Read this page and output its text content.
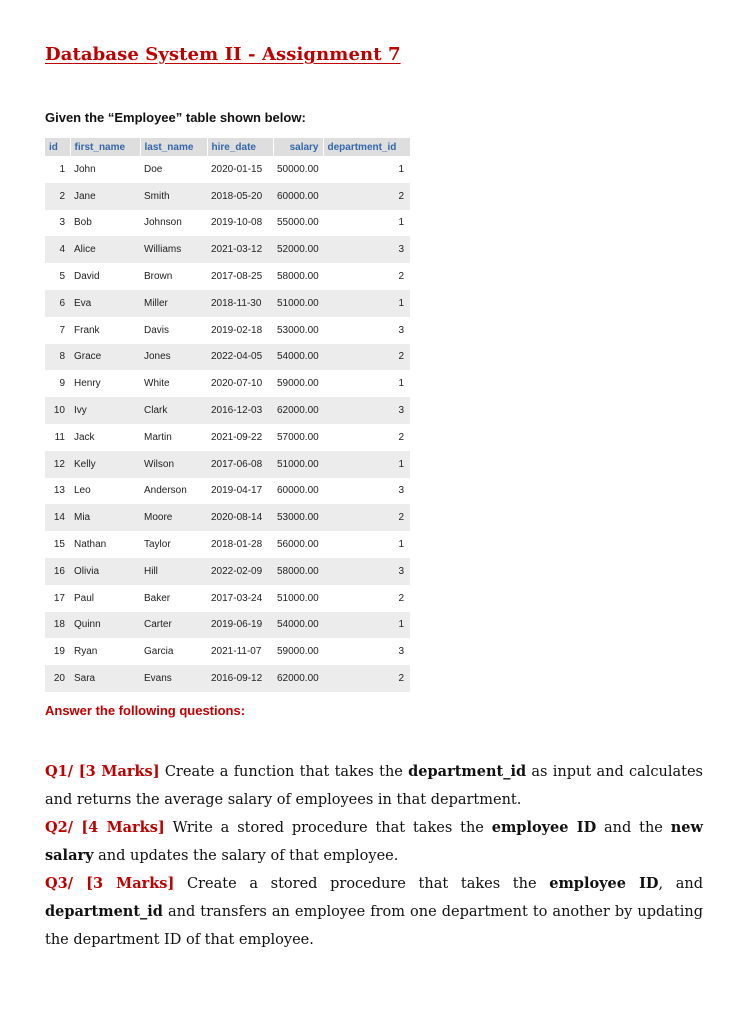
Database System II - Assignment 7
Given the “Employee” table shown below:
id	first_name	last_name	hire_date	salary	department_id
1	John	Doe	2020-01-15	50000.00	1
2	Jane	Smith	2018-05-20	60000.00	2
3	Bob	Johnson	2019-10-08	55000.00	1
4	Alice	Williams	2021-03-12	52000.00	3
5	David	Brown	2017-08-25	58000.00	2
6	Eva	Miller	2018-11-30	51000.00	1
7	Frank	Davis	2019-02-18	53000.00	3
8	Grace	Jones	2022-04-05	54000.00	2
9	Henry	White	2020-07-10	59000.00	1
10	Ivy	Clark	2016-12-03	62000.00	3
11	Jack	Martin	2021-09-22	57000.00	2
12	Kelly	Wilson	2017-06-08	51000.00	1
13	Leo	Anderson	2019-04-17	60000.00	3
14	Mia	Moore	2020-08-14	53000.00	2
15	Nathan	Taylor	2018-01-28	56000.00	1
16	Olivia	Hill	2022-02-09	58000.00	3
17	Paul	Baker	2017-03-24	51000.00	2
18	Quinn	Carter	2019-06-19	54000.00	1
19	Ryan	Garcia	2021-11-07	59000.00	3
20	Sara	Evans	2016-09-12	62000.00	2
Answer the following questions:

Q1/ [3 Marks] Create a function that takes the department_id as input and calculates and returns the average salary of employees in that department.

Q2/ [4 Marks] Write a stored procedure that takes the employee ID and the new salary and updates the salary of that employee.

Q3/ [3 Marks] Create a stored procedure that takes the employee ID, and department_id and transfers an employee from one department to another by updating the department ID of that employee.
